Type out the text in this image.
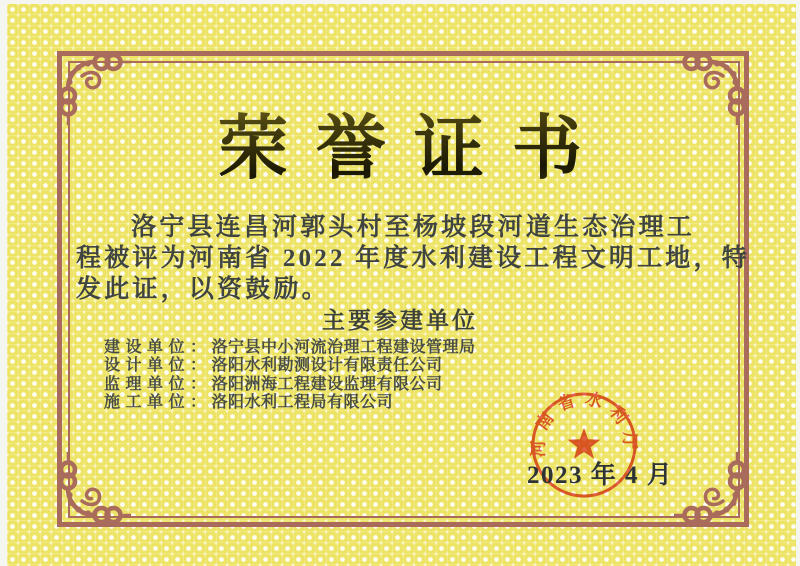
荣誉证书
洛宁县连昌河郭头村至杨坡段河道生态治理工
程被评为河南省 2022 年度水利建设工程文明工地，特
发此证，以资鼓励。
主要参建单位
建设单位：洛宁县中小河流治理工程建设管理局
设计单位：洛阳水利勘测设计有限责任公司
监理单位：洛阳洲海工程建设监理有限公司
施工单位：洛阳水利工程局有限公司
河南省水利厅
2023 年 4 月
